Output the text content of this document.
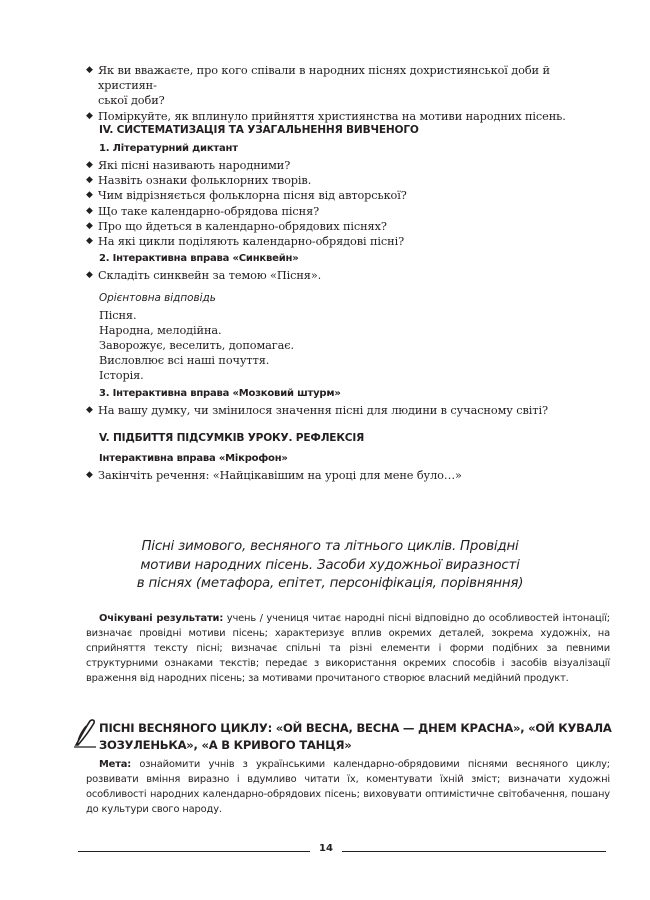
◆ Як ви вважаєте, про кого співали в народних піснях дохристиянської доби й християн-
ської доби?
◆ Поміркуйте, як вплинуло прийняття християнства на мотиви народних пісень.
IV. СИСТЕМАТИЗАЦІЯ ТА УЗАГАЛЬНЕННЯ ВИВЧЕНОГО
1. Літературний диктант
◆ Які пісні називають народними?
◆ Назвіть ознаки фольклорних творів.
◆ Чим відрізняється фольклорна пісня від авторської?
◆ Що таке календарно-обрядова пісня?
◆ Про що йдеться в календарно-обрядових піснях?
◆ На які цикли поділяють календарно-обрядові пісні?
2. Інтерактивна вправа «Синквейн»
◆ Складіть синквейн за темою «Пісня».
Орієнтовна відповідь
Пісня.
Народна, мелодійна.
Заворожує, веселить, допомагає.
Висловлює всі наші почуття.
Історія.
3. Інтерактивна вправа «Мозковий штурм»
◆ На вашу думку, чи змінилося значення пісні для людини в сучасному світі?
V. ПІДБИТТЯ ПІДСУМКІВ УРОКУ. РЕФЛЕКСІЯ
Інтерактивна вправа «Мікрофон»
◆ Закінчіть речення: «Найцікавішим на уроці для мене було…»
Пісні зимового, весняного та літнього циклів. Провідні
мотиви народних пісень. Засоби художньої виразності
в піснях (метафора, епітет, персоніфікація, порівняння)
Очікувані результати: учень / учениця читає народні пісні відповідно до особливостей інтонації; визначає провідні мотиви пісень; характеризує вплив окремих деталей, зокрема художніх, на сприйняття тексту пісні; визначає спільні та різні елементи і форми подібних за певними структурними ознаками текстів; передає з використання окремих способів і засобів візуалізації враження від народних пісень; за мотивами прочитаного створює власний медійний продукт.
ПІСНІ ВЕСНЯНОГО ЦИКЛУ: «ОЙ ВЕСНА, ВЕСНА — ДНЕМ КРАСНА», «ОЙ КУВАЛА
ЗОЗУЛЕНЬКА», «А В КРИВОГО ТАНЦЯ»
Мета: ознайомити учнів з українськими календарно-обрядовими піснями весняного циклу; розвивати вміння виразно і вдумливо читати їх, коментувати їхній зміст; визначати художні особливості народних календарно-обрядових пісень; виховувати оптимістичне світобачення, пошану до культури свого народу.
14
